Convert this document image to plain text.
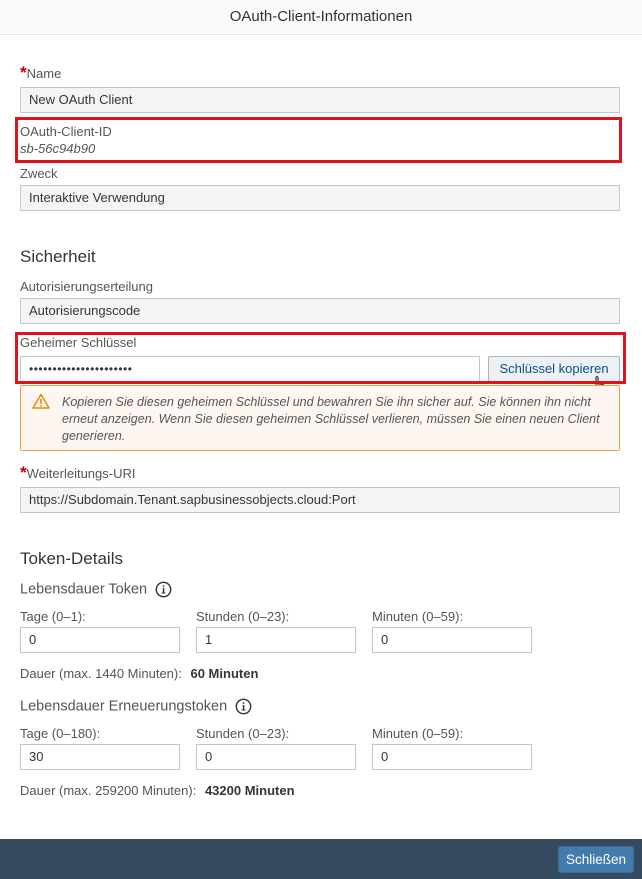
OAuth-Client-Informationen
*Name
New OAuth Client
OAuth-Client-ID
sb-56c94b90
Zweck
Interaktive Verwendung
Sicherheit
Autorisierungserteilung
Autorisierungscode
Geheimer Schlüssel
••••••••••••••••••••••	Schlüssel kopieren
Kopieren Sie diesen geheimen Schlüssel und bewahren Sie ihn sicher auf. Sie können ihn nicht erneut anzeigen. Wenn Sie diesen geheimen Schlüssel verlieren, müssen Sie einen neuen Client generieren.
*Weiterleitungs-URI
https://Subdomain.Tenant.sapbusinessobjects.cloud:Port
Token-Details
Lebensdauer Token
Tage (0–1):
0
Stunden (0–23):
1
Minuten (0–59):
0
Dauer (max. 1440 Minuten): 60 Minuten
Lebensdauer Erneuerungstoken
Tage (0–180):
30
Stunden (0–23):
0
Minuten (0–59):
0
Dauer (max. 259200 Minuten): 43200 Minuten
Schließen
